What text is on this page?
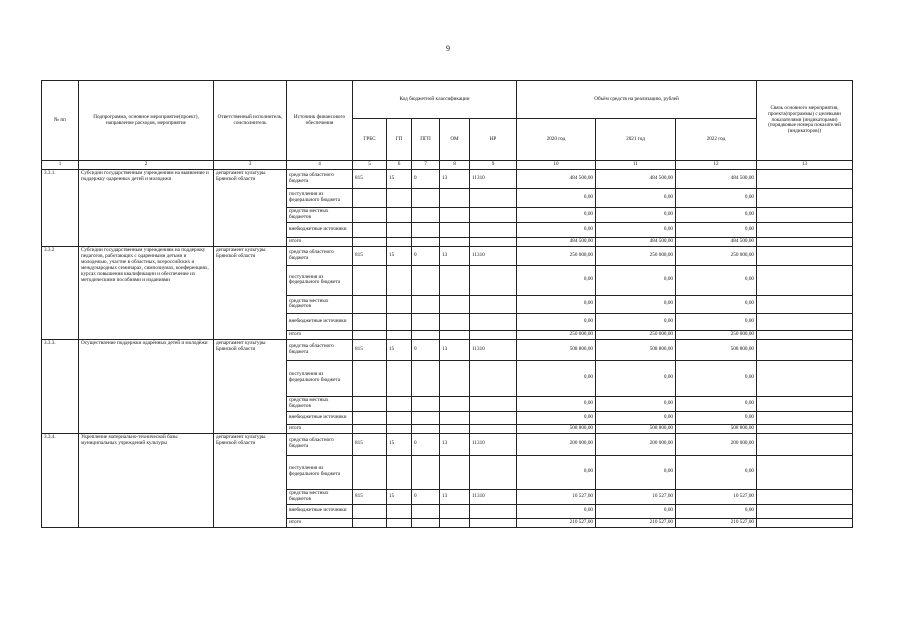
9
№ пп	Подпрограмма, основное мероприятие(проект), направление расходов, мероприятие	Ответственный исполнитель, соисполнитель	Источник финансового обеспечения	Код бюджетной классификации					Объём средств на реализацию, рублей			Связь основного мероприятия, проекта(программы) с целевыми показателями (индикаторами) (порядковые номера показателей (индикаторов))
				ГРБС	ГП	ПГП	ОМ	НР	2020 год	2021 год	2022 год	
1	2	3	4	5	6	7	8	9	10	11	12	13
3.3.1.	Субсидии государственным учреждениям на выявление и поддержку одаренных детей и молодежи	департамент культуры Брянской области	средства областного бюджета	815	15	0	13	11310	484 500,00	484 500,00	484 500,00	
			поступления из федерального бюджета						0,00	0,00	0,00	
			средства местных бюджетов						0,00	0,00	0,00	
			внебюджетные источники						0,00	0,00	0,00	
			итого						484 500,00	484 500,00	484 500,00	
3.3.2	Субсидии государственным учреждениям на поддержку педагогов, работающих с одаренными детьми и молодежью, участие в областных, всероссийских и международных семинарах, симпозиумах, конференциях, курсах повышения квалификации и обеспечение их методическими пособиями и изданиями	департамент культуры Брянской области	средства областного бюджета	815	15	0	13	11310	250 000,00	250 000,00	250 000,00	
			поступления из федерального бюджета						0,00	0,00	0,00	
			средства местных бюджетов						0,00	0,00	0,00	
			внебюджетные источники						0,00	0,00	0,00	
			итого						250 000,00	250 000,00	250 000,00	
3.3.3.	Осуществление поддержки одарённых детей и молодёжи	департамент культуры Брянской области	средства областного бюджета	815	15	0	13	11310	508 800,00	508 800,00	508 800,00	
			поступления из федерального бюджета						0,00	0,00	0,00	
			средства местных бюджетов						0,00	0,00	0,00	
			внебюджетные источники						0,00	0,00	0,00	
			итого						508 800,00	508 800,00	508 800,00	
3.3.4.	Укрепление материально-технической базы муниципальных учреждений культуры	департамент культуры Брянской области	средства областного бюджета	815	15	0	13	11310	200 000,00	200 000,00	200 000,00	
			поступления из федерального бюджета						0,00	0,00	0,00	
			средства местных бюджетов	815	15	0	13	11310	10 527,00	10 527,00	10 527,00	
			внебюджетные источники						0,00	0,00	0,00	
			итого						210 527,00	210 527,00	210 527,00	
